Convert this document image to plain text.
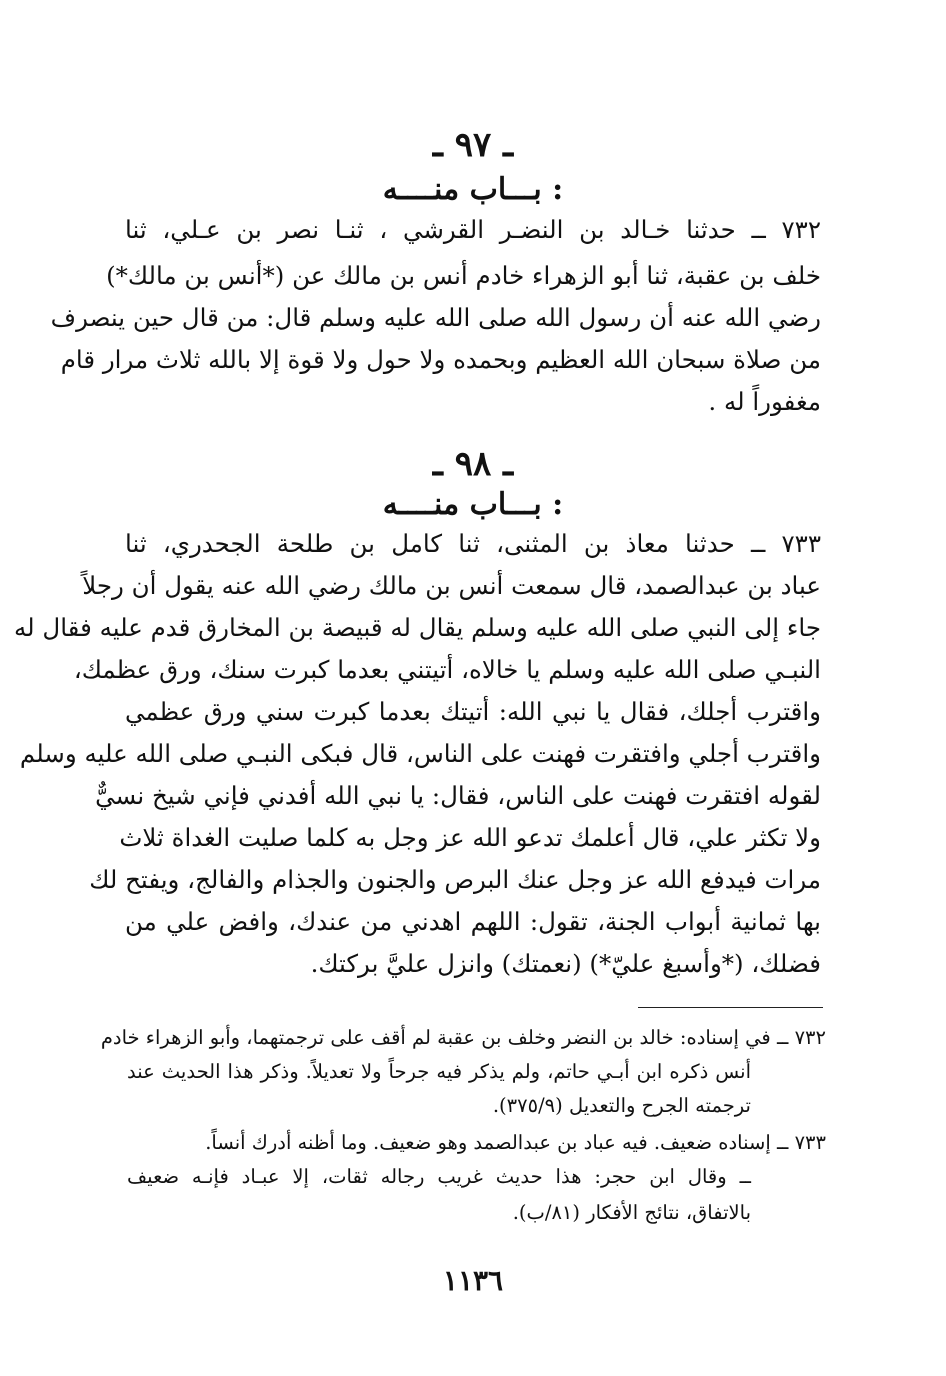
ـ ٩٧ ـ
بـــاب منــــه :
٧٣٢ ــ حدثنا خـالد بن النضـر القرشي ، ثنـا نصر بن عـلي، ثنا
خلف بن عقبة، ثنا أبو الزهراء خادم أنس بن مالك عن (*أنس بن مالك*)
رضي الله عنه أن رسول الله صلى الله عليه وسلم قال: من قال حين ينصرف
من صلاة سبحان الله العظيم وبحمده ولا حول ولا قوة إلا بالله ثلاث مرار قام
مغفوراً له .
ـ ٩٨ ـ
بـــاب منــــه :
٧٣٣ ــ حدثنا معاذ بن المثنى، ثنا كامل بن طلحة الجحدري، ثنا
عباد بن عبدالصمد، قال سمعت أنس بن مالك رضي الله عنه يقول أن رجلاً
جاء إلى النبي صلى الله عليه وسلم يقال له قبيصة بن المخارق قدم عليه فقال له
النبـي صلى الله عليه وسلم يا خالاه، أتيتني بعدما كبرت سنك، ورق عظمك،
واقترب أجلك، فقال يا نبي الله: أتيتك بعدما كبرت سني ورق عظمي
واقترب أجلي وافتقرت فهنت على الناس، قال فبكى النبـي صلى الله عليه وسلم
لقوله افتقرت فهنت على الناس، فقال: يا نبي الله أفدني فإني شيخ نسيٌّ
ولا تكثر علي، قال أعلمك تدعو الله عز وجل به كلما صليت الغداة ثلاث
مرات فيدفع الله عز وجل عنك البرص والجنون والجذام والفالج، ويفتح لك
بها ثمانية أبواب الجنة، تقول: اللهم اهدني من عندك، وافض علي من
فضلك، (*وأسبغ عليّ*) (نعمتك) وانزل عليَّ بركتك.
٧٣٢ ــ في إسناده: خالد بن النضر وخلف بن عقبة لم أقف على ترجمتهما، وأبو الزهراء خادم
أنس ذكره ابن أبـي حاتم، ولم يذكر فيه جرحاً ولا تعديلاً. وذكر هذا الحديث عند
ترجمته الجرح والتعديل (٣٧٥/٩).
٧٣٣ ــ إسناده ضعيف. فيه عباد بن عبدالصمد وهو ضعيف. وما أظنه أدرك أنساً.
ــ وقال ابن حجر: هذا حديث غريب رجاله ثقات، إلا عبـاد فإنـه ضعيف
بالاتفاق، نتائج الأفكار (٨١/ب).
١١٣٦
